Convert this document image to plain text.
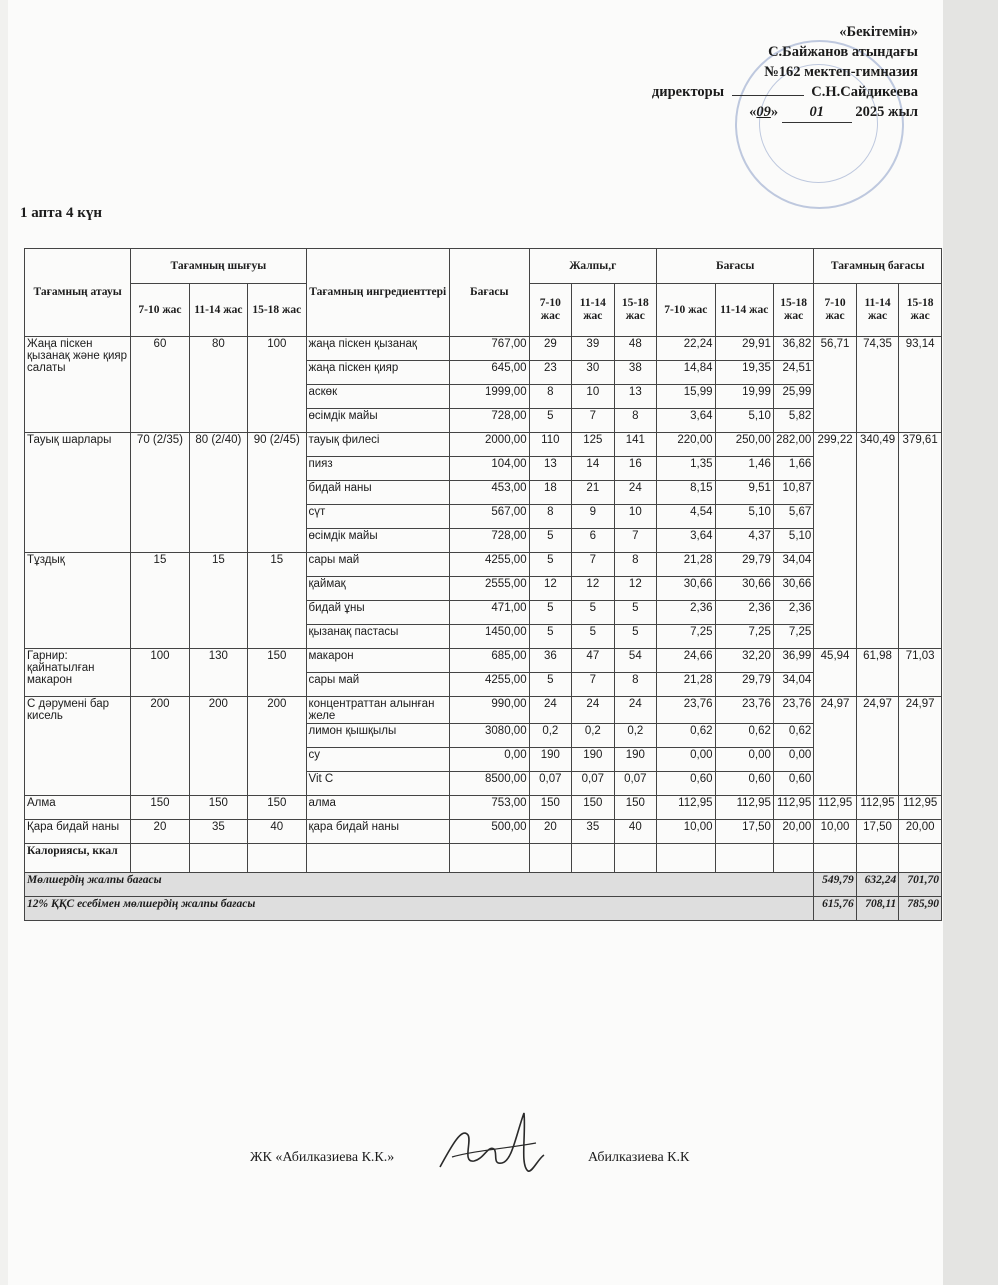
«Бекітемін»
С.Байжанов атындағы
№162 мектеп-гимназия
директоры	С.Н.Сайдикеева
«09» 01 2025 жыл
1 апта 4 күн
Тағамның атауы	Тағамның шығуы			Тағамның ингредиенттері	Бағасы	Жалпы,г			Бағасы			Тағамның бағасы		
	7-10 жас	11-14 жас	15-18 жас			7-10 жас	11-14 жас	15-18 жас	7-10 жас	11-14 жас	15-18 жас	7-10 жас	11-14 жас	15-18 жас
Жаңа піскен қызанақ және қияр салаты	60	80	100	жаңа піскен қызанақ	767,00	29	39	48	22,24	29,91	36,82	56,71	74,35	93,14
				жаңа піскен қияр	645,00	23	30	38	14,84	19,35	24,51			
				аскөк	1999,00	8	10	13	15,99	19,99	25,99			
				өсімдік майы	728,00	5	7	8	3,64	5,10	5,82			
Тауық шарлары	70 (2/35)	80 (2/40)	90 (2/45)	тауық филесі	2000,00	110	125	141	220,00	250,00	282,00	299,22	340,49	379,61
				пияз	104,00	13	14	16	1,35	1,46	1,66			
				бидай наны	453,00	18	21	24	8,15	9,51	10,87			
				сүт	567,00	8	9	10	4,54	5,10	5,67			
				өсімдік майы	728,00	5	6	7	3,64	4,37	5,10			
Тұздық	15	15	15	сары май	4255,00	5	7	8	21,28	29,79	34,04			
				қаймақ	2555,00	12	12	12	30,66	30,66	30,66			
				бидай ұны	471,00	5	5	5	2,36	2,36	2,36			
				қызанақ пастасы	1450,00	5	5	5	7,25	7,25	7,25			
Гарнир: қайнатылған макарон	100	130	150	макарон	685,00	36	47	54	24,66	32,20	36,99	45,94	61,98	71,03
				сары май	4255,00	5	7	8	21,28	29,79	34,04			
С дәрумені бар кисель	200	200	200	концентраттан алынған желе	990,00	24	24	24	23,76	23,76	23,76	24,97	24,97	24,97
				лимон қышқылы	3080,00	0,2	0,2	0,2	0,62	0,62	0,62			
				су	0,00	190	190	190	0,00	0,00	0,00			
				Vit C	8500,00	0,07	0,07	0,07	0,60	0,60	0,60			
Алма	150	150	150	алма	753,00	150	150	150	112,95	112,95	112,95	112,95	112,95	112,95
Қара бидай наны	20	35	40	қара бидай наны	500,00	20	35	40	10,00	17,50	20,00	10,00	17,50	20,00
Калориясы, ккал														
Мөлшердің жалпы бағасы												549,79	632,24	701,70
12% ҚҚС есебімен мөлшердің жалпы бағасы												615,76	708,11	785,90
ЖК «Абилказиева К.К.»	Абилказиева К.К
